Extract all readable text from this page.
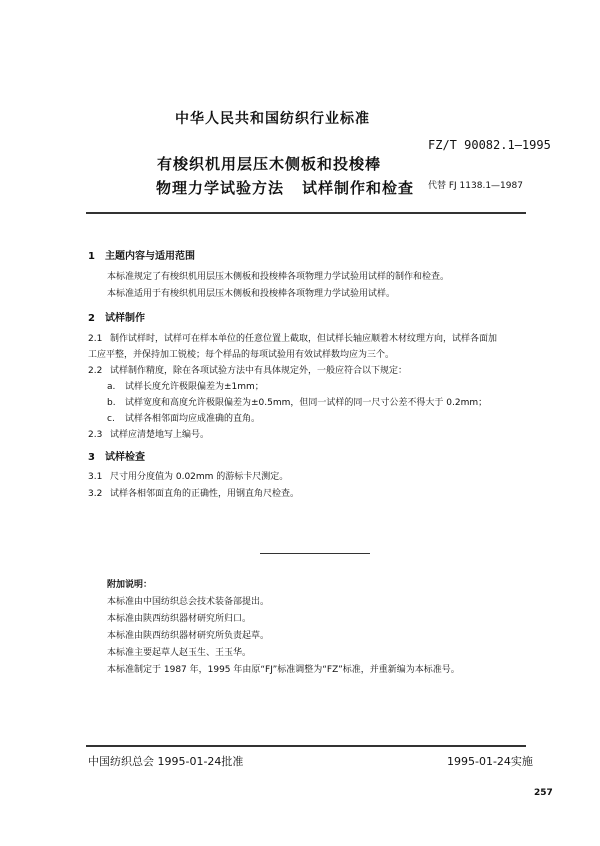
中华人民共和国纺织行业标准
FZ/T 90082.1—1995
有梭织机用层压木侧板和投梭棒
物理力学试验方法 试样制作和检查 代替 FJ 1138.1—1987
1　主题内容与适用范围
本标准规定了有梭织机用层压木侧板和投梭棒各项物理力学试验用试样的制作和检查。
本标准适用于有梭织机用层压木侧板和投梭棒各项物理力学试验用试样。
2　试样制作
2.1 制作试样时，试样可在样本单位的任意位置上截取，但试样长轴应顺着木材纹理方向，试样各面加
工应平整，并保持加工锐棱；每个样品的每项试验用有效试样数均应为三个。
2.2 试样制作精度，除在各项试验方法中有具体规定外，一般应符合以下规定：
a. 试样长度允许极限偏差为±1mm；
b. 试样宽度和高度允许极限偏差为±0.5mm，但同一试样的同一尺寸公差不得大于 0.2mm；
c. 试样各相邻面均应成准确的直角。
2.3 试样应清楚地写上编号。
3　试样检查
3.1 尺寸用分度值为 0.02mm 的游标卡尺测定。
3.2 试样各相邻面直角的正确性，用钢直角尺检查。
附加说明：
本标准由中国纺织总会技术装备部提出。
本标准由陕西纺织器材研究所归口。
本标准由陕西纺织器材研究所负责起草。
本标准主要起草人赵玉生、王玉华。
本标准制定于 1987 年，1995 年由原“FJ”标准调整为“FZ”标准，并重新编为本标准号。
中国纺织总会 1995-01-24批准	1995-01-24实施
257
